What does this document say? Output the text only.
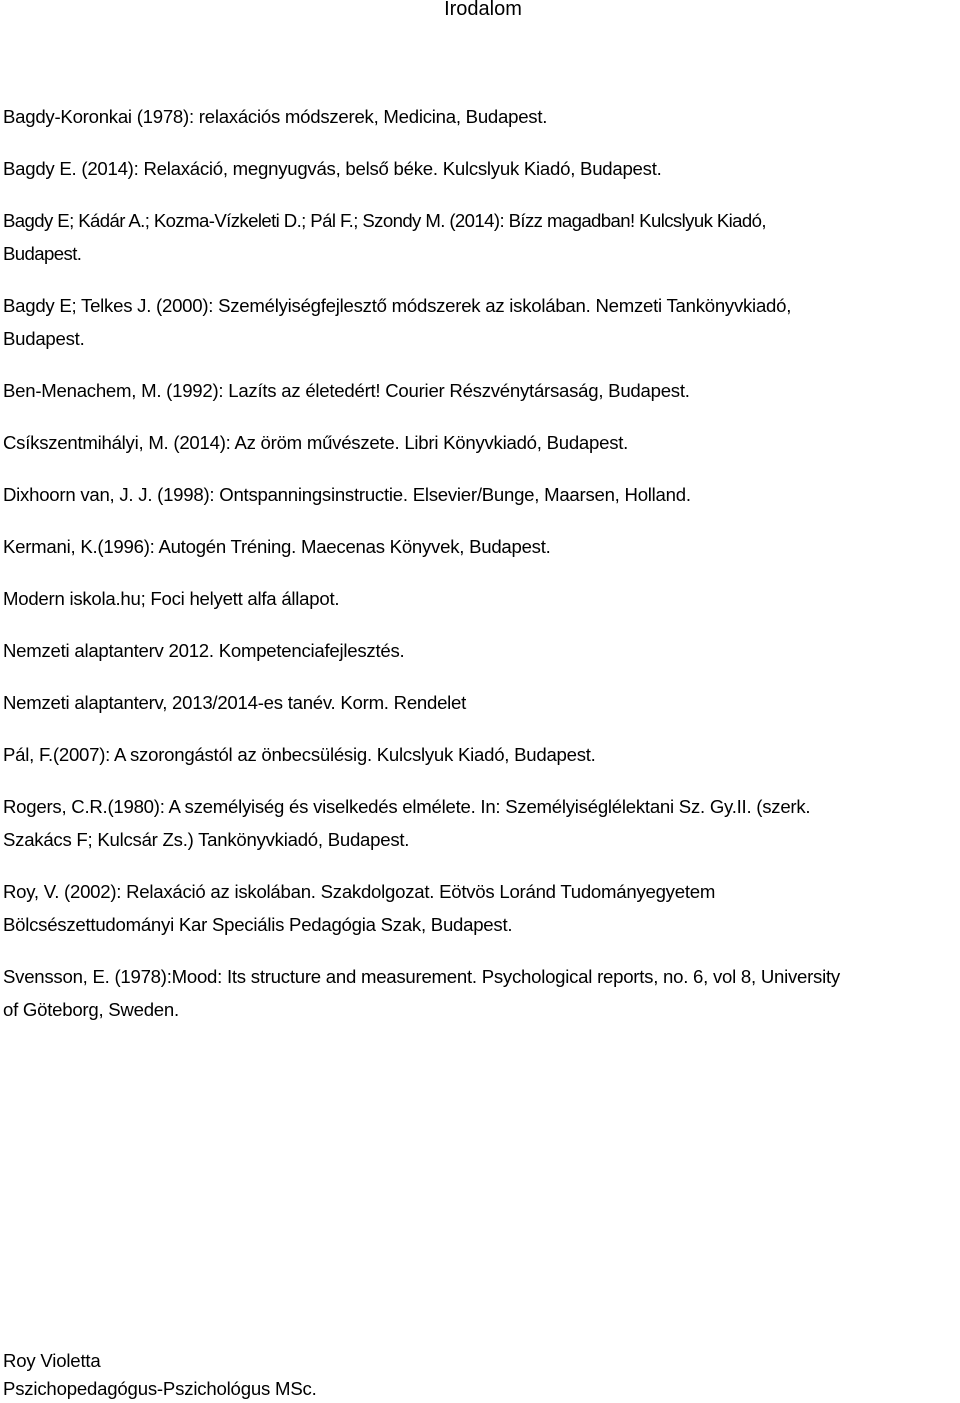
Irodalom
Bagdy-Koronkai (1978): relaxációs módszerek, Medicina, Budapest.
Bagdy E. (2014): Relaxáció, megnyugvás, belső béke. Kulcslyuk Kiadó, Budapest.
Bagdy E; Kádár A.; Kozma-Vízkeleti D.; Pál F.; Szondy M. (2014): Bízz magadban! Kulcslyuk Kiadó,
Budapest.
Bagdy E; Telkes J. (2000): Személyiségfejlesztő módszerek az iskolában. Nemzeti Tankönyvkiadó,
Budapest.
Ben-Menachem, M. (1992): Lazíts az életedért! Courier Részvénytársaság, Budapest.
Csíkszentmihályi, M. (2014): Az öröm művészete. Libri Könyvkiadó, Budapest.
Dixhoorn van, J. J. (1998): Ontspanningsinstructie. Elsevier/Bunge, Maarsen, Holland.
Kermani, K.(1996): Autogén Tréning. Maecenas Könyvek, Budapest.
Modern iskola.hu; Foci helyett alfa állapot.
Nemzeti alaptanterv 2012. Kompetenciafejlesztés.
Nemzeti alaptanterv, 2013/2014-es tanév. Korm. Rendelet
Pál, F.(2007): A szorongástól az önbecsülésig. Kulcslyuk Kiadó, Budapest.
Rogers, C.R.(1980): A személyiség és viselkedés elmélete. In: Személyiséglélektani Sz. Gy.II. (szerk.
Szakács F; Kulcsár Zs.) Tankönyvkiadó, Budapest.
Roy, V. (2002): Relaxáció az iskolában. Szakdolgozat. Eötvös Loránd Tudományegyetem
Bölcsészettudományi Kar Speciális Pedagógia Szak, Budapest.
Svensson, E. (1978):Mood: Its structure and measurement. Psychological reports, no. 6, vol 8, University
of Göteborg, Sweden.
Roy Violetta
Pszichopedagógus-Pszichológus MSc.
